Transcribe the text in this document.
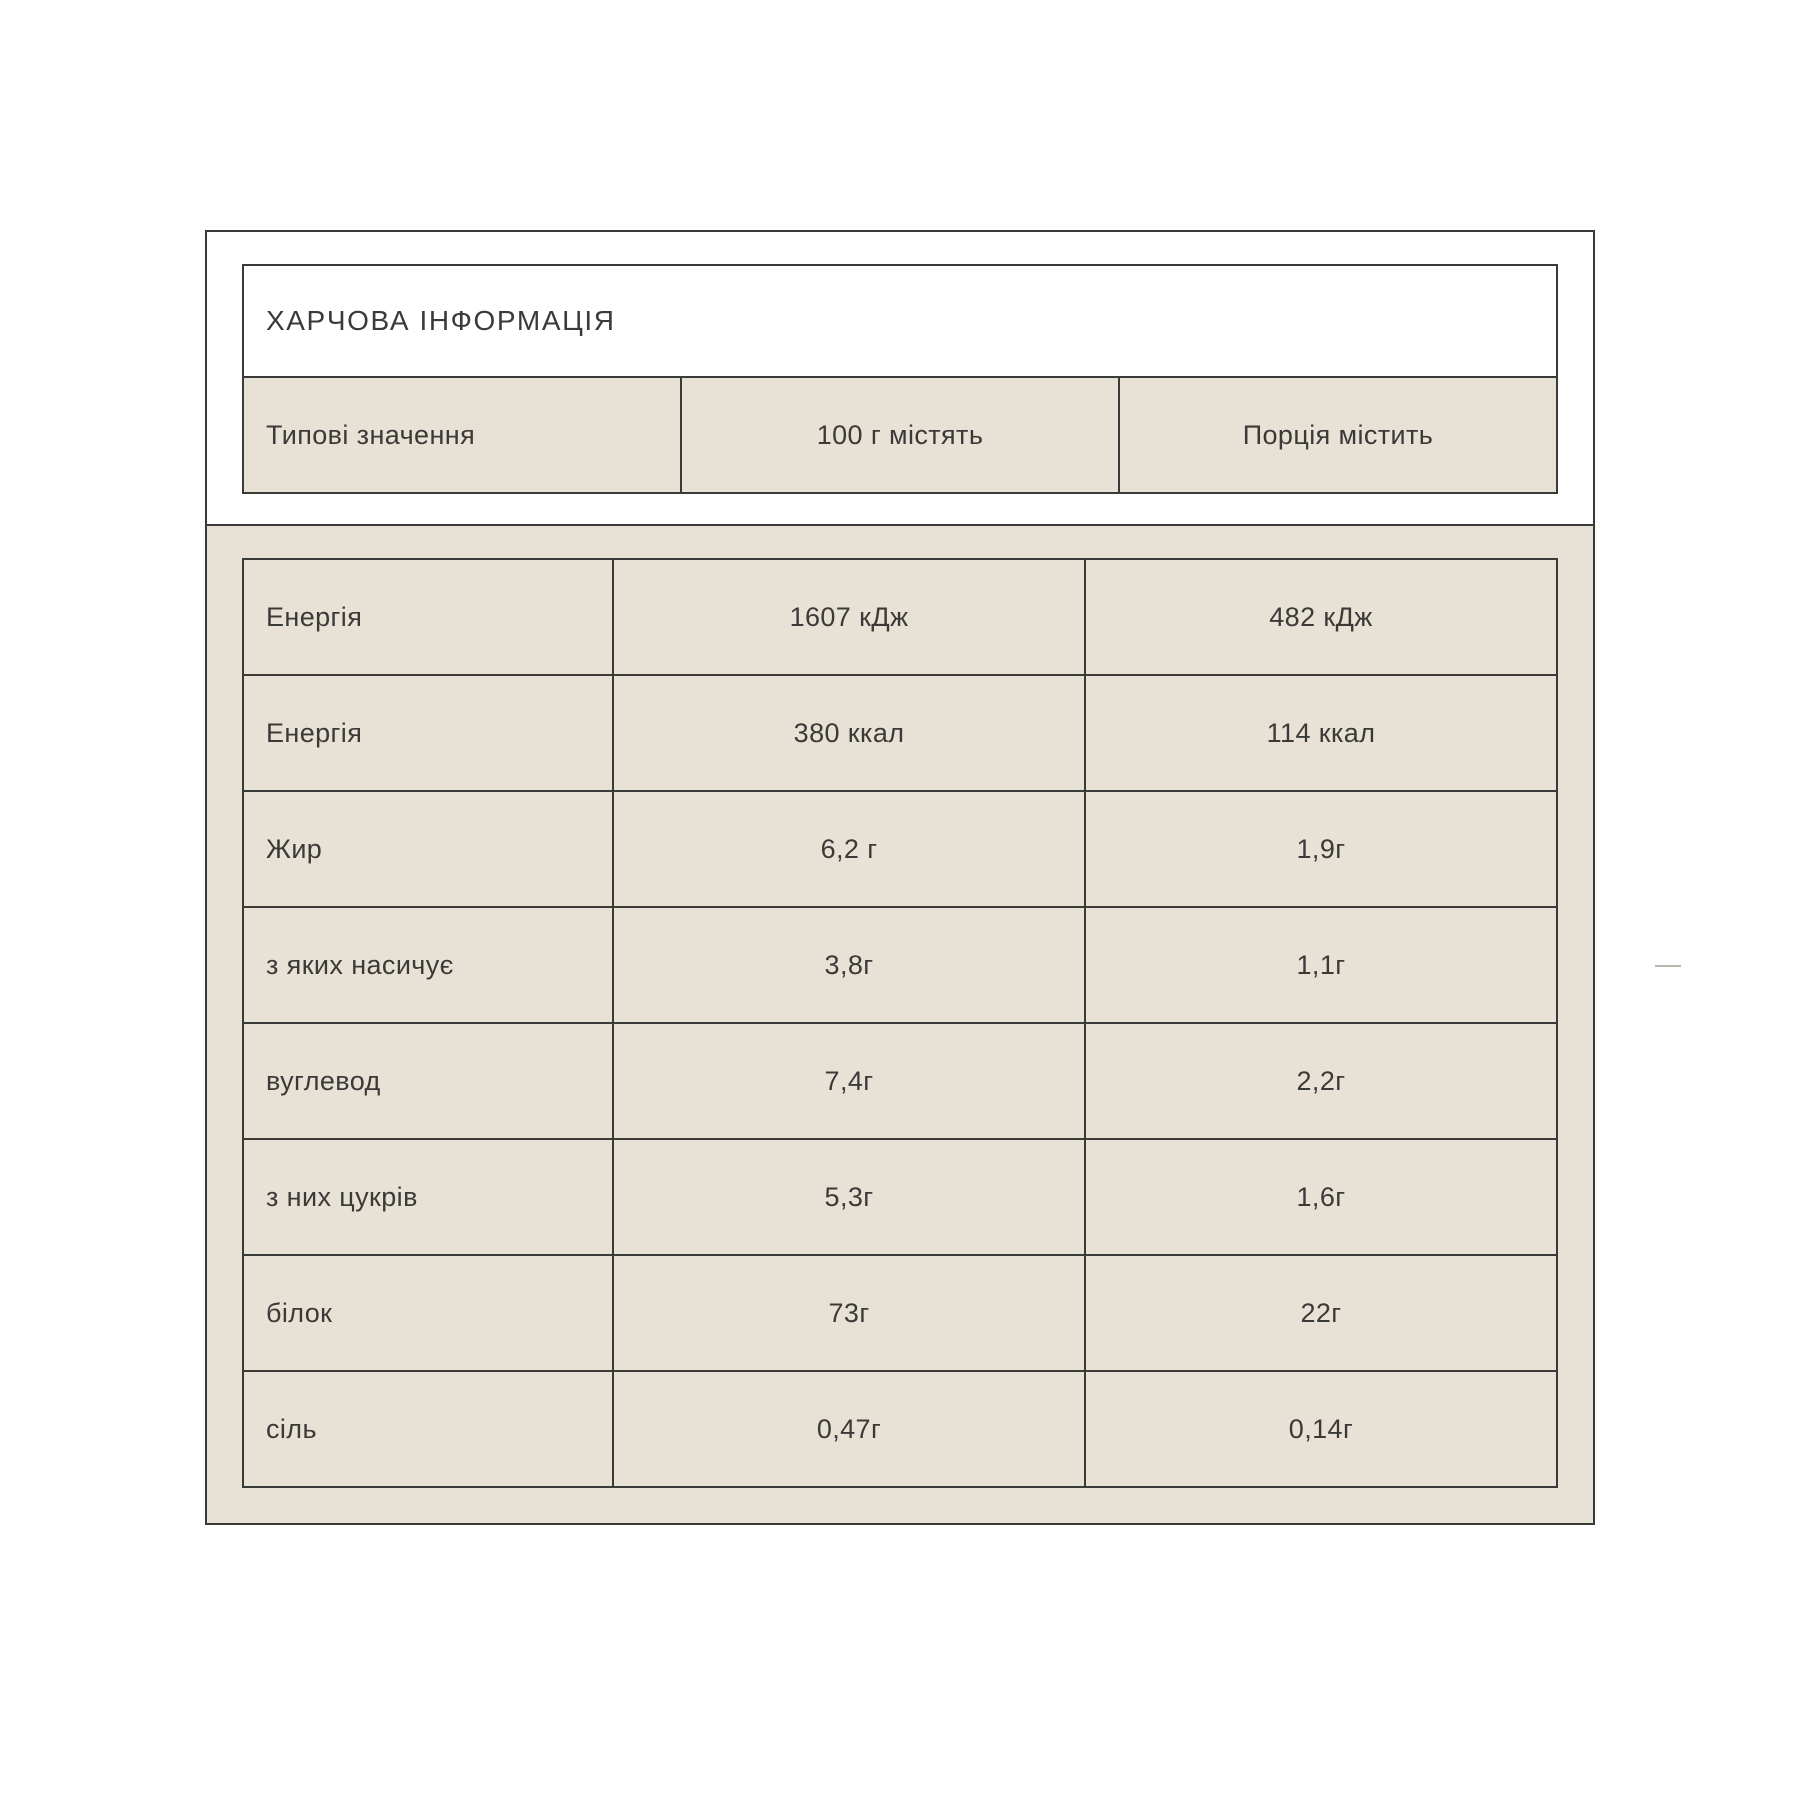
ХАРЧОВА ІНФОРМАЦІЯ
Типові значення	100 г містять	Порція містить
Енергія	1607 кДж	482 кДж
Енергія	380 ккал	114 ккал
Жир	6,2 г	1,9г
з яких насичує	3,8г	1,1г
вуглевод	7,4г	2,2г
з них цукрів	5,3г	1,6г
білок	73г	22г
сіль	0,47г	0,14г
